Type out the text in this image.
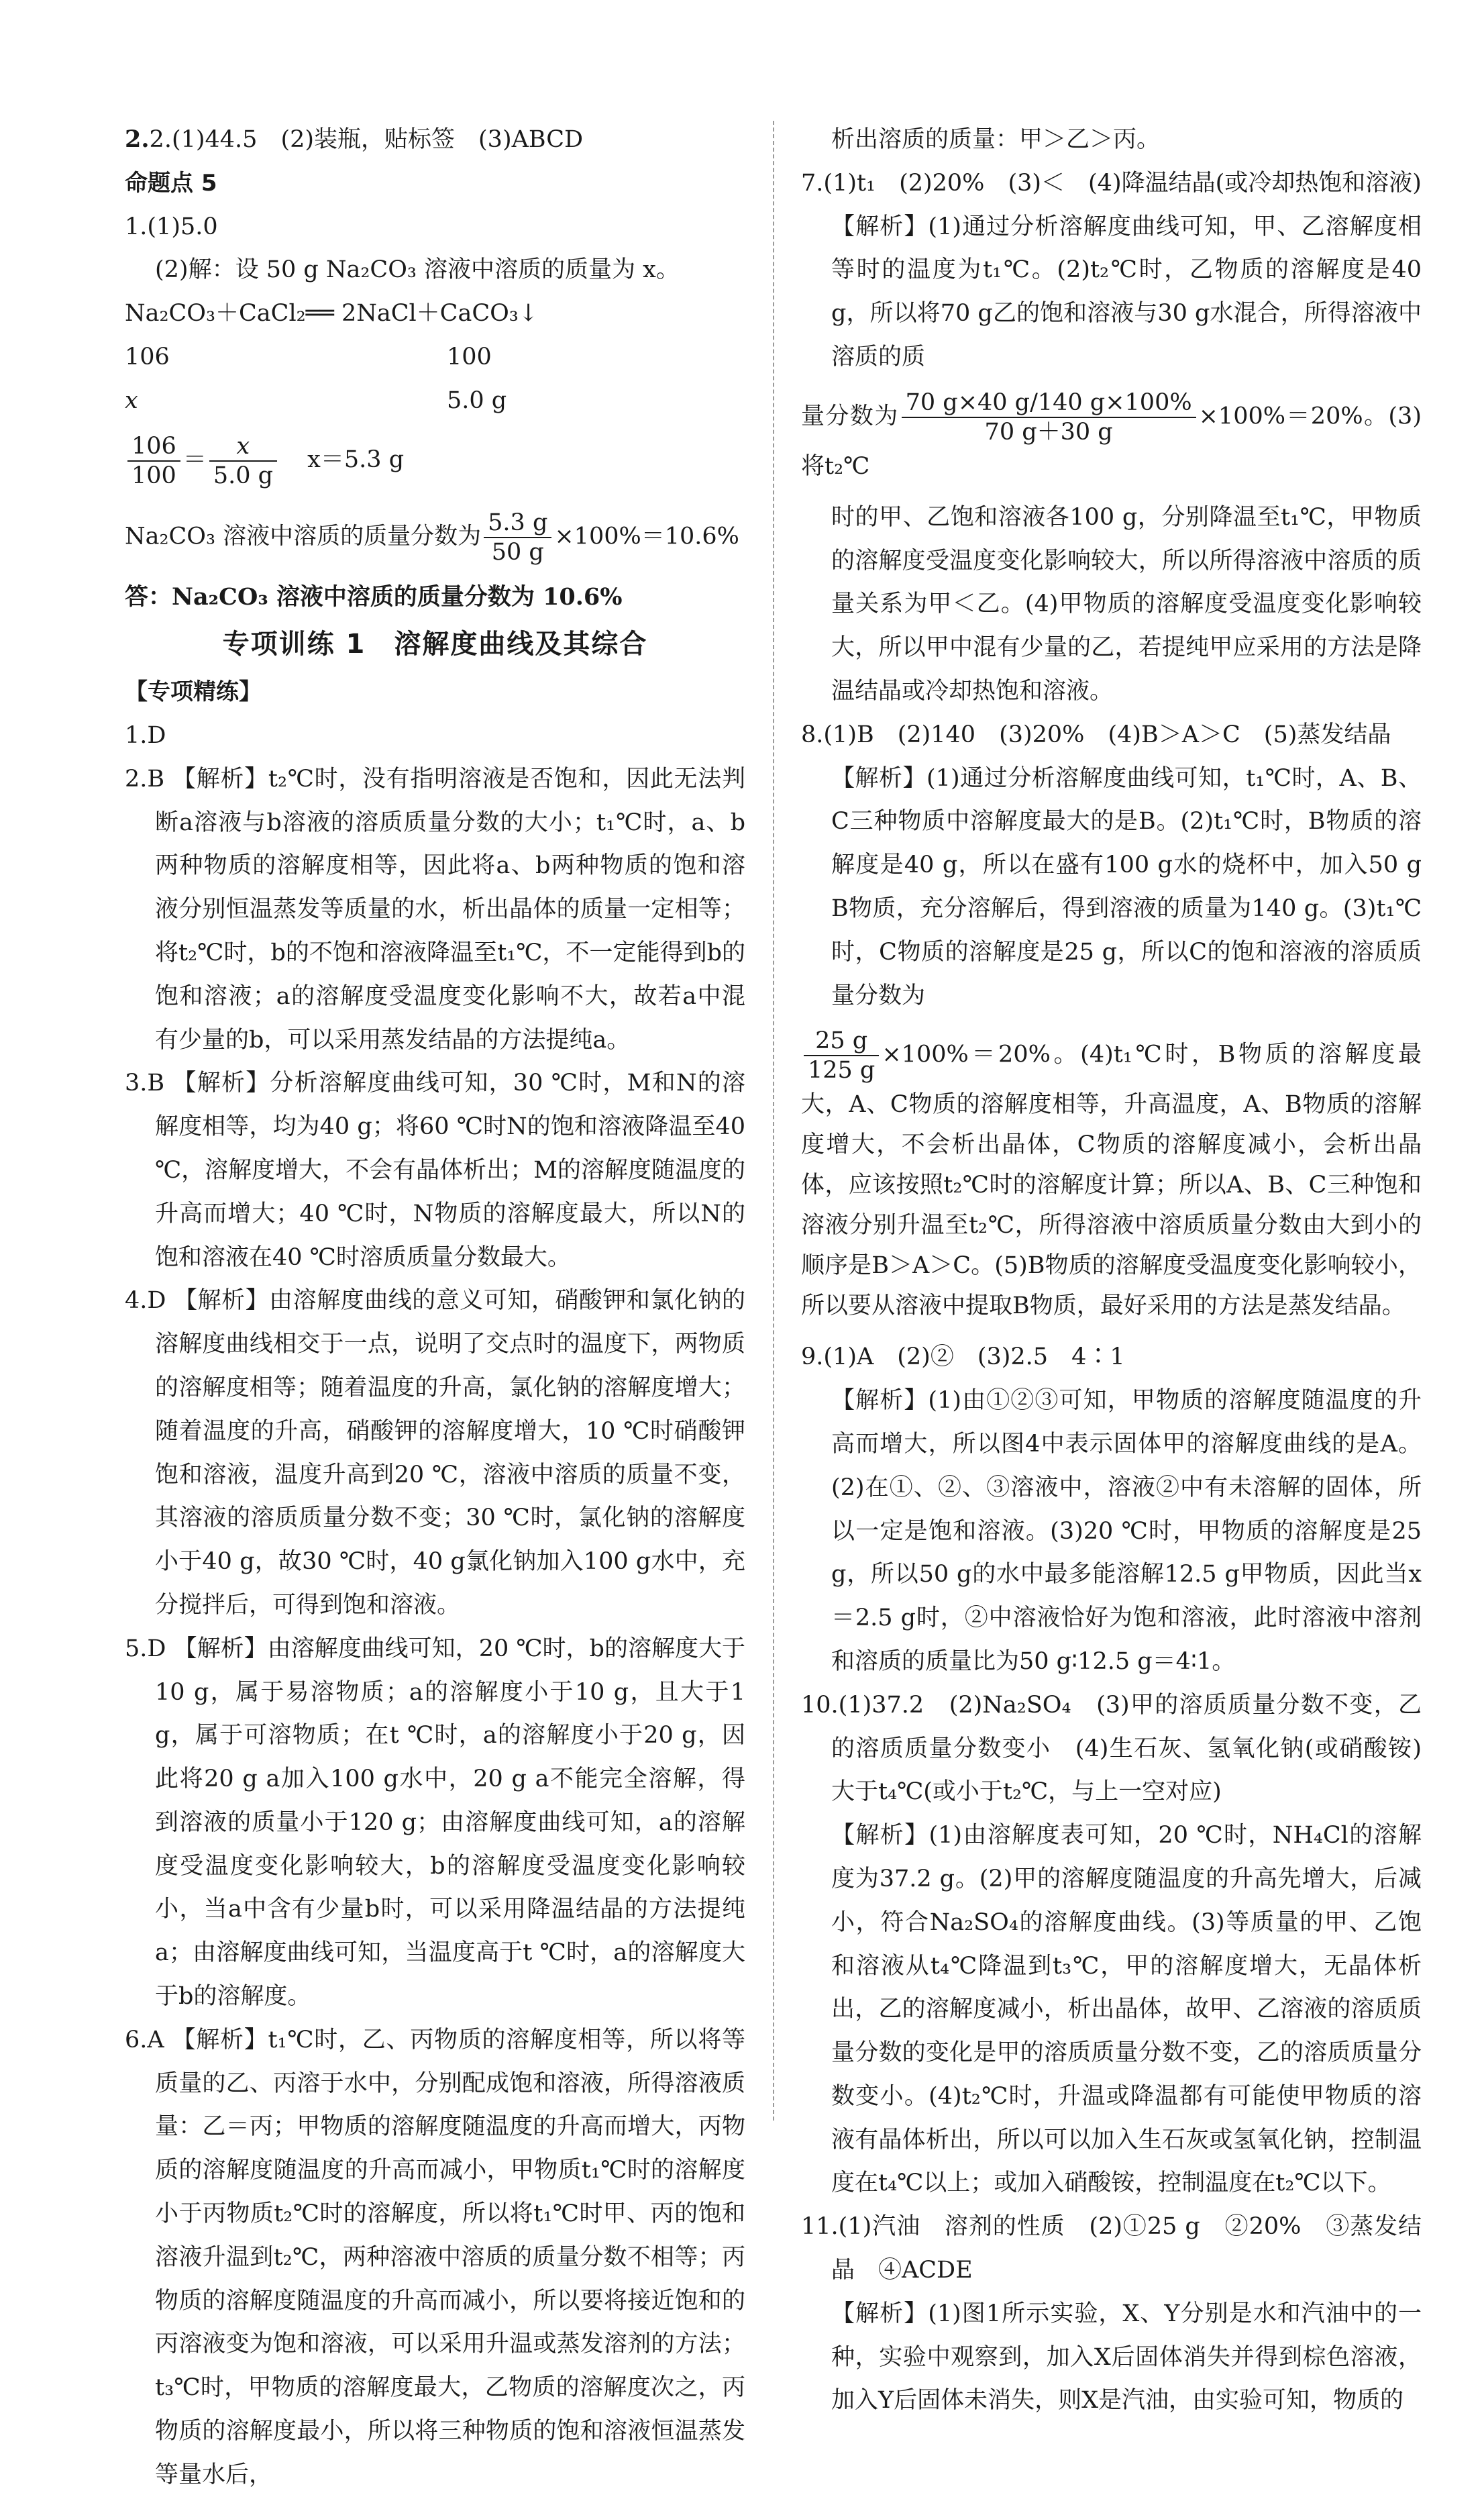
2.2.(1)44.5　(2)装瓶，贴标签　(3)ABCD

命题点 5

1.(1)5.0

(2)解：设 50 g Na₂CO₃ 溶液中溶质的质量为 x。

Na₂CO₃＋CaCl₂══ 2NaCl＋CaCO₃↓

106	100
x	5.0 g

$\frac{106}{100} = \frac{x}{5.0 g} x=5.3$ g

Na₂CO₃ 溶液中溶质的质量分数为 $\frac{5.3 g}{50 g} \times 100\%=10.6\%$

答：Na₂CO₃ 溶液中溶质的质量分数为 10.6%

专项训练 1　溶解度曲线及其综合

【专项精练】

1.D

2.B 【解析】t₂℃时，没有指明溶液是否饱和，因此无法判断a溶液与b溶液的溶质质量分数的大小；t₁℃时，a、b两种物质的溶解度相等，因此将a、b两种物质的饱和溶液分别恒温蒸发等质量的水，析出晶体的质量一定相等；将t₂℃时，b的不饱和溶液降温至t₁℃，不一定能得到b的饱和溶液；a的溶解度受温度变化影响不大，故若a中混有少量的b，可以采用蒸发结晶的方法提纯a。

3.B 【解析】分析溶解度曲线可知，30 ℃时，M和N的溶解度相等，均为40 g；将60 ℃时N的饱和溶液降温至40 ℃，溶解度增大，不会有晶体析出；M的溶解度随温度的升高而增大；40 ℃时，N物质的溶解度最大，所以N的饱和溶液在40 ℃时溶质质量分数最大。

4.D 【解析】由溶解度曲线的意义可知，硝酸钾和氯化钠的溶解度曲线相交于一点，说明了交点时的温度下，两物质的溶解度相等；随着温度的升高，氯化钠的溶解度增大；随着温度的升高，硝酸钾的溶解度增大，10 ℃时硝酸钾饱和溶液，温度升高到20 ℃，溶液中溶质的质量不变，其溶液的溶质质量分数不变；30 ℃时，氯化钠的溶解度小于40 g，故30 ℃时，40 g氯化钠加入100 g水中，充分搅拌后，可得到饱和溶液。

5.D 【解析】由溶解度曲线可知，20 ℃时，b的溶解度大于10 g，属于易溶物质；a的溶解度小于10 g，且大于1 g，属于可溶物质；在t ℃时，a的溶解度小于20 g，因此将20 g a加入100 g水中，20 g a不能完全溶解，得到溶液的质量小于120 g；由溶解度曲线可知，a的溶解度受温度变化影响较大，b的溶解度受温度变化影响较小，当a中含有少量b时，可以采用降温结晶的方法提纯a；由溶解度曲线可知，当温度高于t ℃时，a的溶解度大于b的溶解度。

6.A 【解析】t₁℃时，乙、丙物质的溶解度相等，所以将等质量的乙、丙溶于水中，分别配成饱和溶液，所得溶液质量：乙＝丙；甲物质的溶解度随温度的升高而增大，丙物质的溶解度随温度的升高而减小，甲物质t₁℃时的溶解度小于丙物质t₂℃时的溶解度，所以将t₁℃时甲、丙的饱和溶液升温到t₂℃，两种溶液中溶质的质量分数不相等；丙物质的溶解度随温度的升高而减小，所以要将接近饱和的丙溶液变为饱和溶液，可以采用升温或蒸发溶剂的方法；t₃℃时，甲物质的溶解度最大，乙物质的溶解度次之，丙物质的溶解度最小，所以将三种物质的饱和溶液恒温蒸发等量水后，

析出溶质的质量：甲＞乙＞丙。

7.(1)t₁　(2)20%　(3)＜　(4)降温结晶(或冷却热饱和溶液)

【解析】(1)通过分析溶解度曲线可知，甲、乙溶解度相等时的温度为t₁℃。(2)t₂℃时，乙物质的溶解度是40 g，所以将70 g乙的饱和溶液与30 g水混合，所得溶液中溶质的质

量分数为 $\frac{70 g\times 40 g/140 g\times 100\%}{70 g+30 g} \times 100\%=20\%$。(3)将t₂℃

时的甲、乙饱和溶液各100 g，分别降温至t₁℃，甲物质的溶解度受温度变化影响较大，所以所得溶液中溶质的质量关系为甲＜乙。(4)甲物质的溶解度受温度变化影响较大，所以甲中混有少量的乙，若提纯甲应采用的方法是降温结晶或冷却热饱和溶液。

8.(1)B　(2)140　(3)20%　(4)B＞A＞C　(5)蒸发结晶

【解析】(1)通过分析溶解度曲线可知，t₁℃时，A、B、C三种物质中溶解度最大的是B。(2)t₁℃时，B物质的溶解度是40 g，所以在盛有100 g水的烧杯中，加入50 g B物质，充分溶解后，得到溶液的质量为140 g。(3)t₁℃时，C物质的溶解度是25 g，所以C的饱和溶液的溶质质量分数为

$\frac{25 g}{125 g} \times 100\%=20\%$。(4)t₁℃时，B物质的溶解度最大，A、C物质的溶解度相等，升高温度，A、B物质的溶解度增大，不会析出晶体，C物质的溶解度减小，会析出晶体，应该按照t₂℃时的溶解度计算；所以A、B、C三种饱和溶液分别升温至t₂℃，所得溶液中溶质质量分数由大到小的顺序是B＞A＞C。(5)B物质的溶解度受温度变化影响较小，所以要从溶液中提取B物质，最好采用的方法是蒸发结晶。

9.(1)A　(2)②　(3)2.5　4∶1

【解析】(1)由①②③可知，甲物质的溶解度随温度的升高而增大，所以图4中表示固体甲的溶解度曲线的是A。(2)在①、②、③溶液中，溶液②中有未溶解的固体，所以一定是饱和溶液。(3)20 ℃时，甲物质的溶解度是25 g，所以50 g的水中最多能溶解12.5 g甲物质，因此当x＝2.5 g时，②中溶液恰好为饱和溶液，此时溶液中溶剂和溶质的质量比为50 g∶12.5 g＝4∶1。

10.(1)37.2　(2)Na₂SO₄　(3)甲的溶质质量分数不变，乙的溶质质量分数变小　(4)生石灰、氢氧化钠(或硝酸铵)　大于t₄℃(或小于t₂℃，与上一空对应)

【解析】(1)由溶解度表可知，20 ℃时，NH₄Cl的溶解度为37.2 g。(2)甲的溶解度随温度的升高先增大，后减小，符合Na₂SO₄的溶解度曲线。(3)等质量的甲、乙饱和溶液从t₄℃降温到t₃℃，甲的溶解度增大，无晶体析出，乙的溶解度减小，析出晶体，故甲、乙溶液的溶质质量分数的变化是甲的溶质质量分数不变，乙的溶质质量分数变小。(4)t₂℃时，升温或降温都有可能使甲物质的溶液有晶体析出，所以可以加入生石灰或氢氧化钠，控制温度在t₄℃以上；或加入硝酸铵，控制温度在t₂℃以下。

11.(1)汽油　溶剂的性质　(2)①25 g　②20%　③蒸发结晶　④ACDE

【解析】(1)图1所示实验，X、Y分别是水和汽油中的一种，实验中观察到，加入X后固体消失并得到棕色溶液，加入Y后固体未消失，则X是汽油，由实验可知，物质的
